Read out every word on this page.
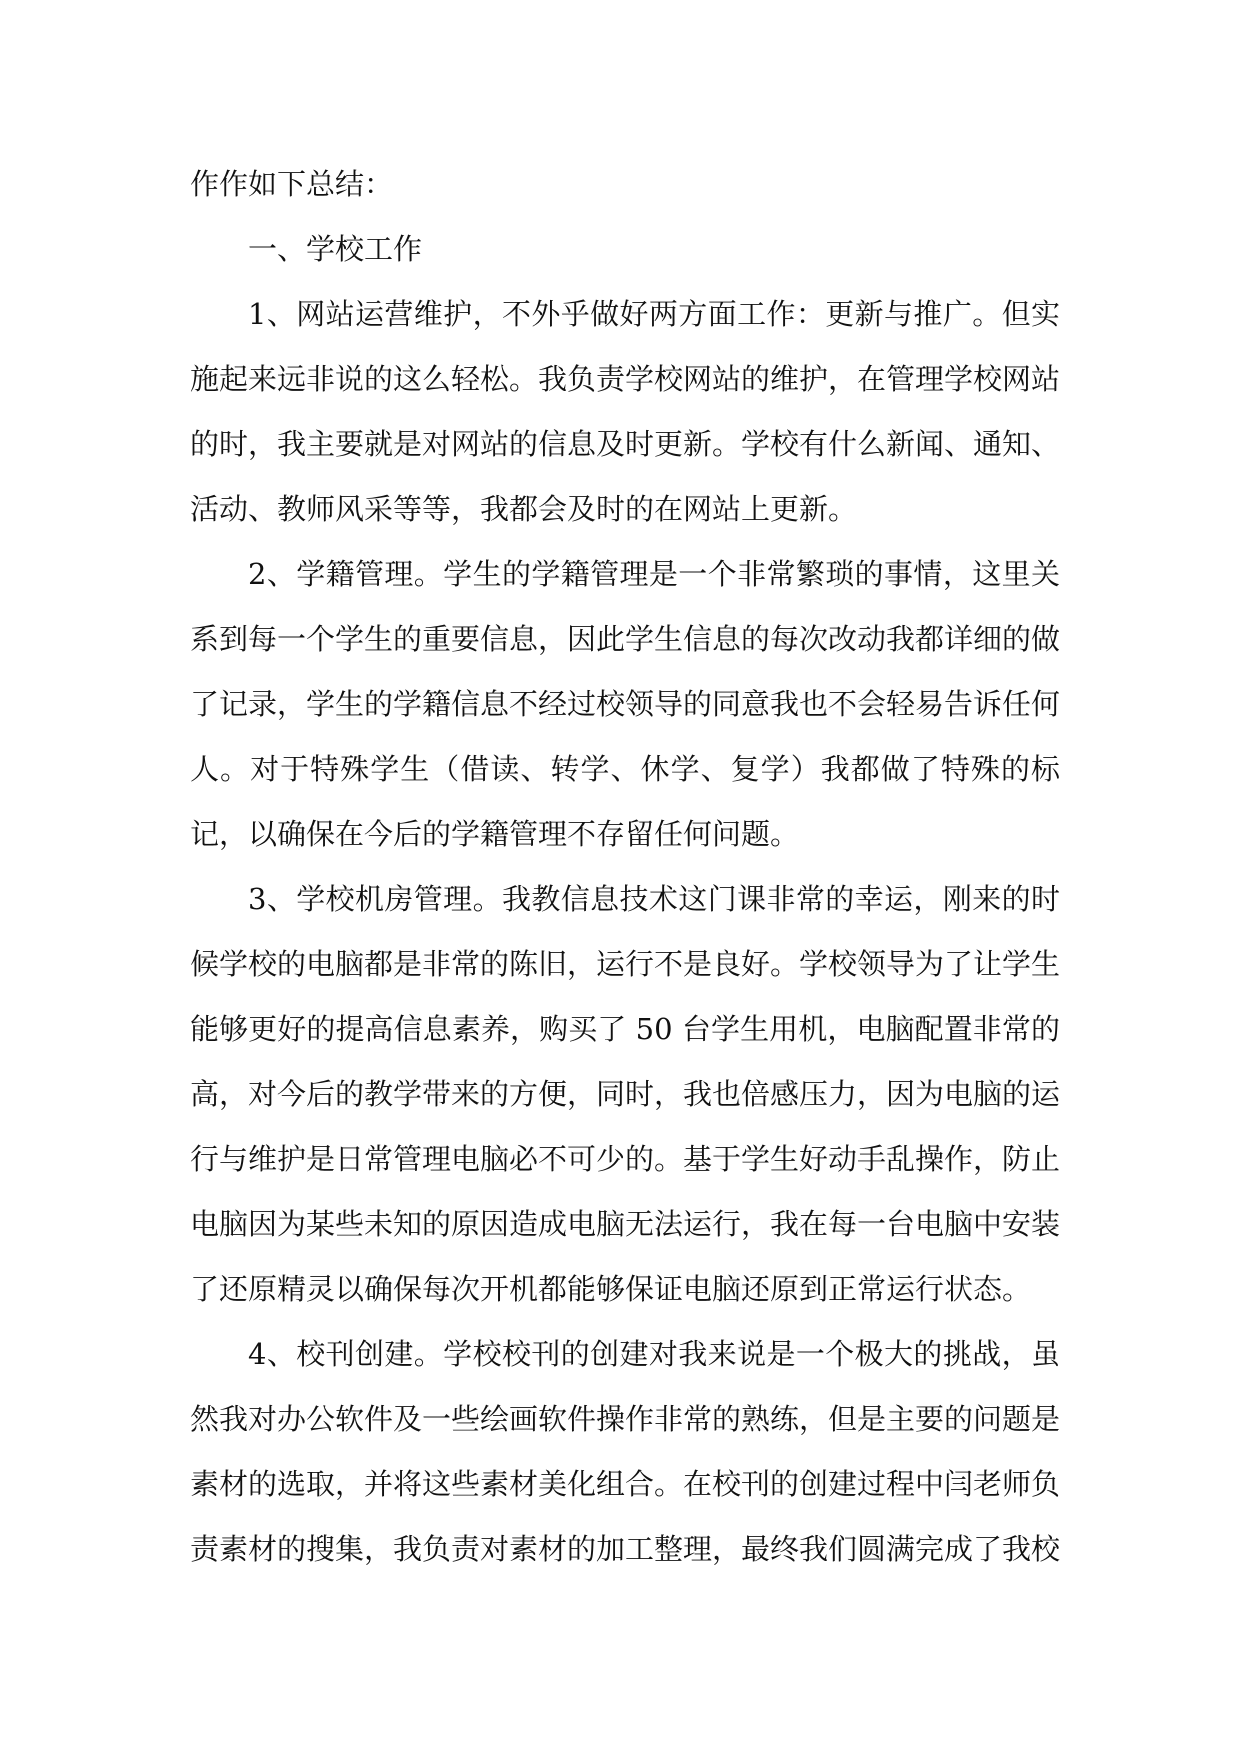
作作如下总结：

一、学校工作

1、网站运营维护，不外乎做好两方面工作：更新与推广。但实施起来远非说的这么轻松。我负责学校网站的维护，在管理学校网站的时，我主要就是对网站的信息及时更新。学校有什么新闻、通知、活动、教师风采等等，我都会及时的在网站上更新。

2、学籍管理。学生的学籍管理是一个非常繁琐的事情，这里关系到每一个学生的重要信息，因此学生信息的每次改动我都详细的做了记录，学生的学籍信息不经过校领导的同意我也不会轻易告诉任何人。对于特殊学生（借读、转学、休学、复学）我都做了特殊的标记，以确保在今后的学籍管理不存留任何问题。

3、学校机房管理。我教信息技术这门课非常的幸运，刚来的时候学校的电脑都是非常的陈旧，运行不是良好。学校领导为了让学生能够更好的提高信息素养，购买了 50 台学生用机，电脑配置非常的高，对今后的教学带来的方便，同时，我也倍感压力，因为电脑的运行与维护是日常管理电脑必不可少的。基于学生好动手乱操作，防止电脑因为某些未知的原因造成电脑无法运行，我在每一台电脑中安装了还原精灵以确保每次开机都能够保证电脑还原到正常运行状态。

4、校刊创建。学校校刊的创建对我来说是一个极大的挑战，虽然我对办公软件及一些绘画软件操作非常的熟练，但是主要的问题是素材的选取，并将这些素材美化组合。在校刊的创建过程中闫老师负责素材的搜集，我负责对素材的加工整理，最终我们圆满完成了我校
